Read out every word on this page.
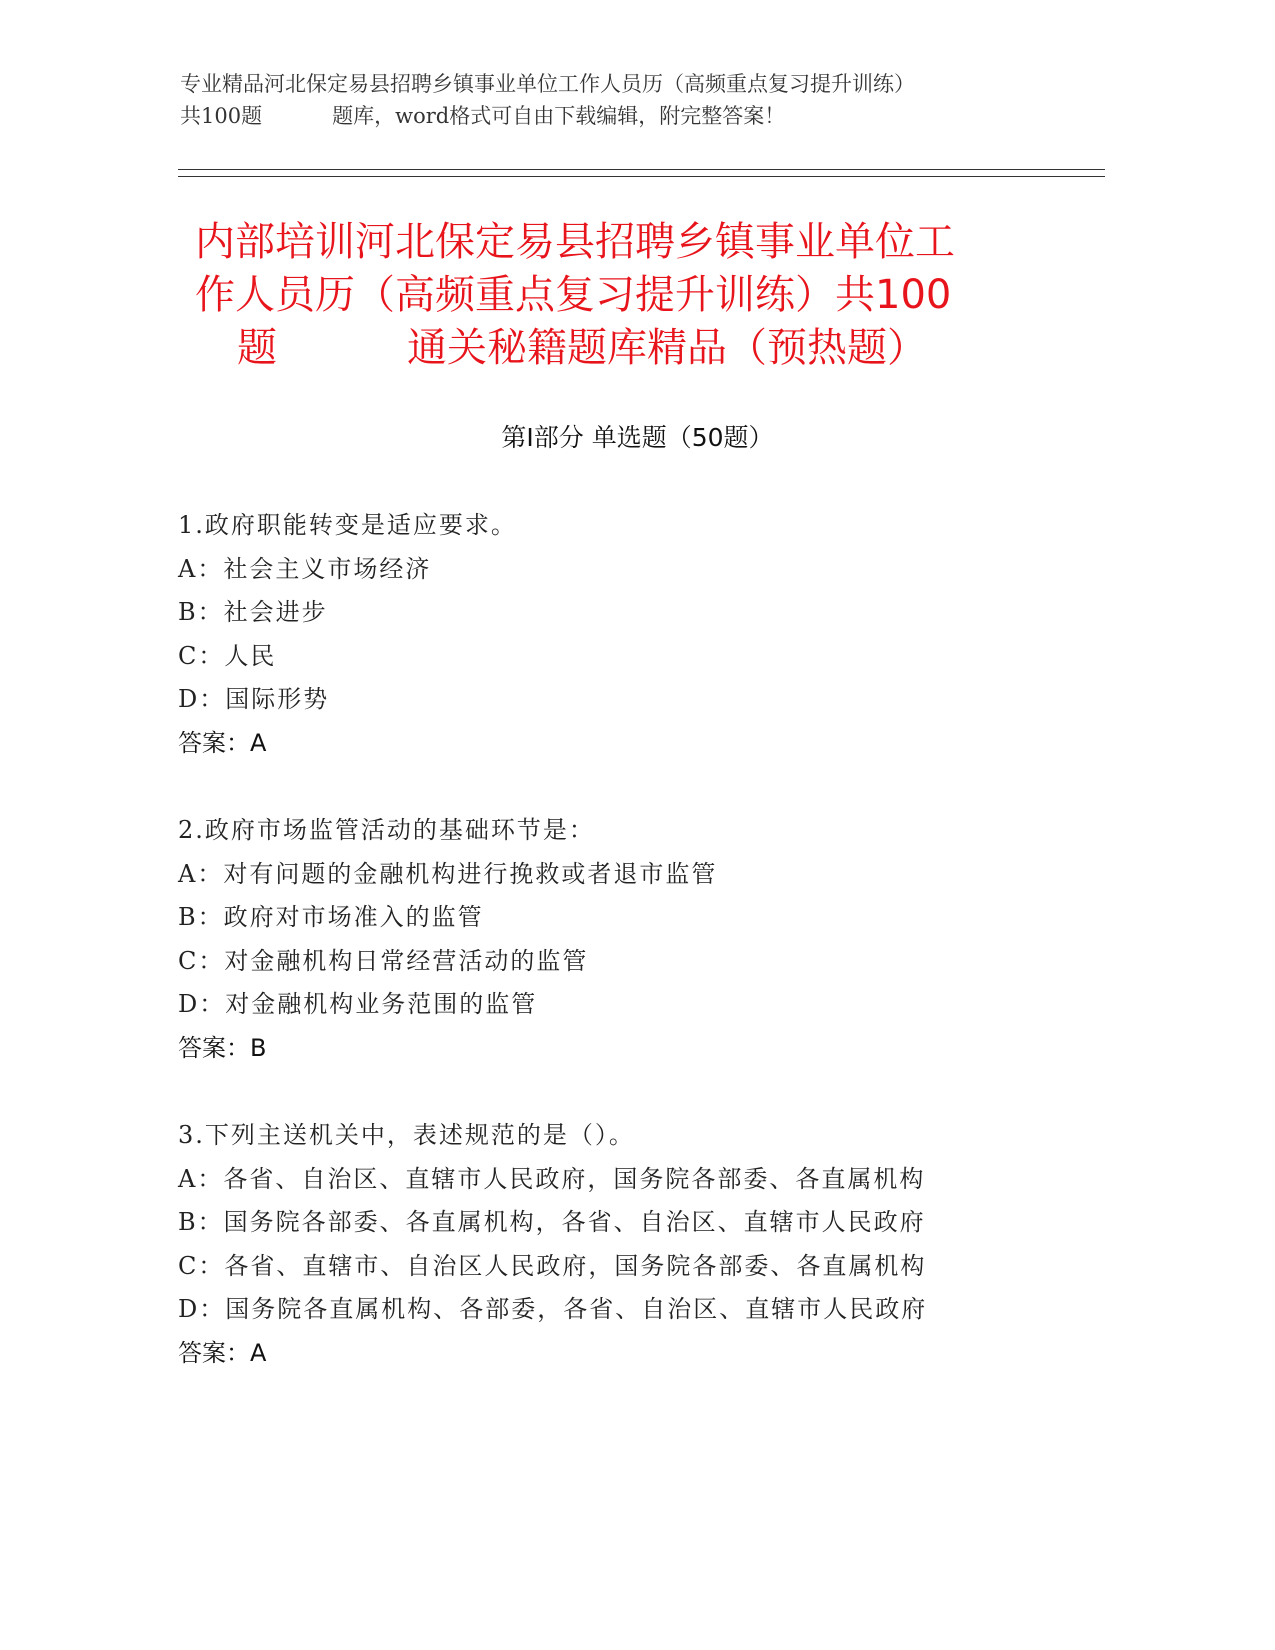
专业精品河北保定易县招聘乡镇事业单位工作人员历（高频重点复习提升训练）
共100题	题库，word格式可自由下载编辑，附完整答案！
内部培训河北保定易县招聘乡镇事业单位工
作人员历（高频重点复习提升训练）共100
题	通关秘籍题库精品（预热题）
第Ⅰ部分 单选题（50题）
1.政府职能转变是适应要求。
A：社会主义市场经济
B：社会进步
C：人民
D：国际形势
答案：A
2.政府市场监管活动的基础环节是：
A：对有问题的金融机构进行挽救或者退市监管
B：政府对市场准入的监管
C：对金融机构日常经营活动的监管
D：对金融机构业务范围的监管
答案：B
3.下列主送机关中，表述规范的是（）。
A：各省、自治区、直辖市人民政府，国务院各部委、各直属机构
B：国务院各部委、各直属机构，各省、自治区、直辖市人民政府
C：各省、直辖市、自治区人民政府，国务院各部委、各直属机构
D：国务院各直属机构、各部委，各省、自治区、直辖市人民政府
答案：A
